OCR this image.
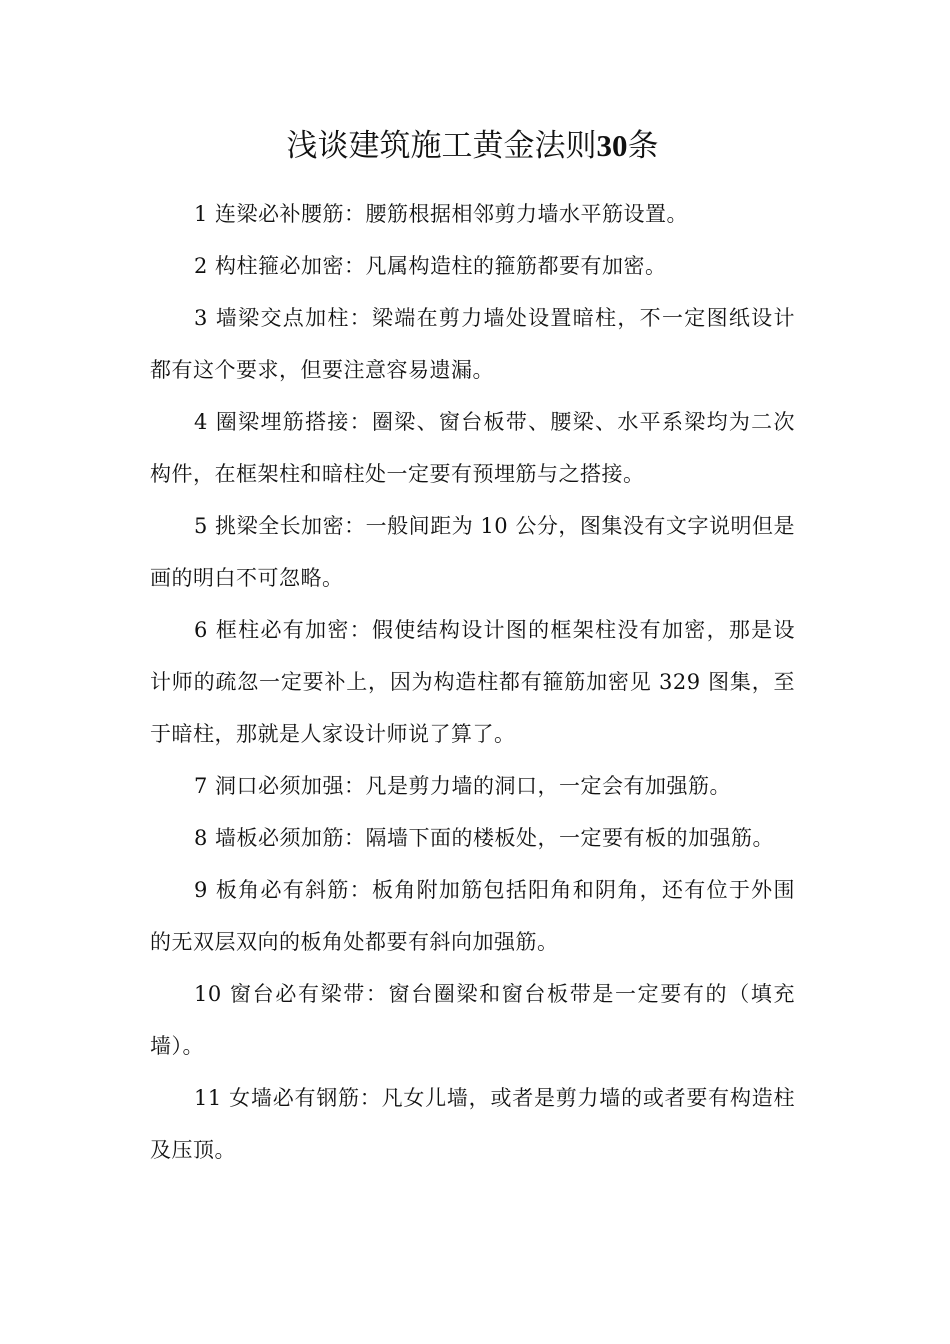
浅谈建筑施工黄金法则30条

1 连梁必补腰筋：腰筋根据相邻剪力墙水平筋设置。

2 构柱箍必加密：凡属构造柱的箍筋都要有加密。

3 墙梁交点加柱：梁端在剪力墙处设置暗柱，不一定图纸设计都有这个要求，但要注意容易遗漏。

4 圈梁埋筋搭接：圈梁、窗台板带、腰梁、水平系梁均为二次构件，在框架柱和暗柱处一定要有预埋筋与之搭接。

5 挑梁全长加密：一般间距为 10 公分，图集没有文字说明但是画的明白不可忽略。

6 框柱必有加密：假使结构设计图的框架柱没有加密，那是设计师的疏忽一定要补上，因为构造柱都有箍筋加密见 329 图集，至于暗柱，那就是人家设计师说了算了。

7 洞口必须加强：凡是剪力墙的洞口，一定会有加强筋。

8 墙板必须加筋：隔墙下面的楼板处，一定要有板的加强筋。

9 板角必有斜筋：板角附加筋包括阳角和阴角，还有位于外围的无双层双向的板角处都要有斜向加强筋。

10 窗台必有梁带：窗台圈梁和窗台板带是一定要有的（填充墙）。

11 女墙必有钢筋：凡女儿墙，或者是剪力墙的或者要有构造柱及压顶。
